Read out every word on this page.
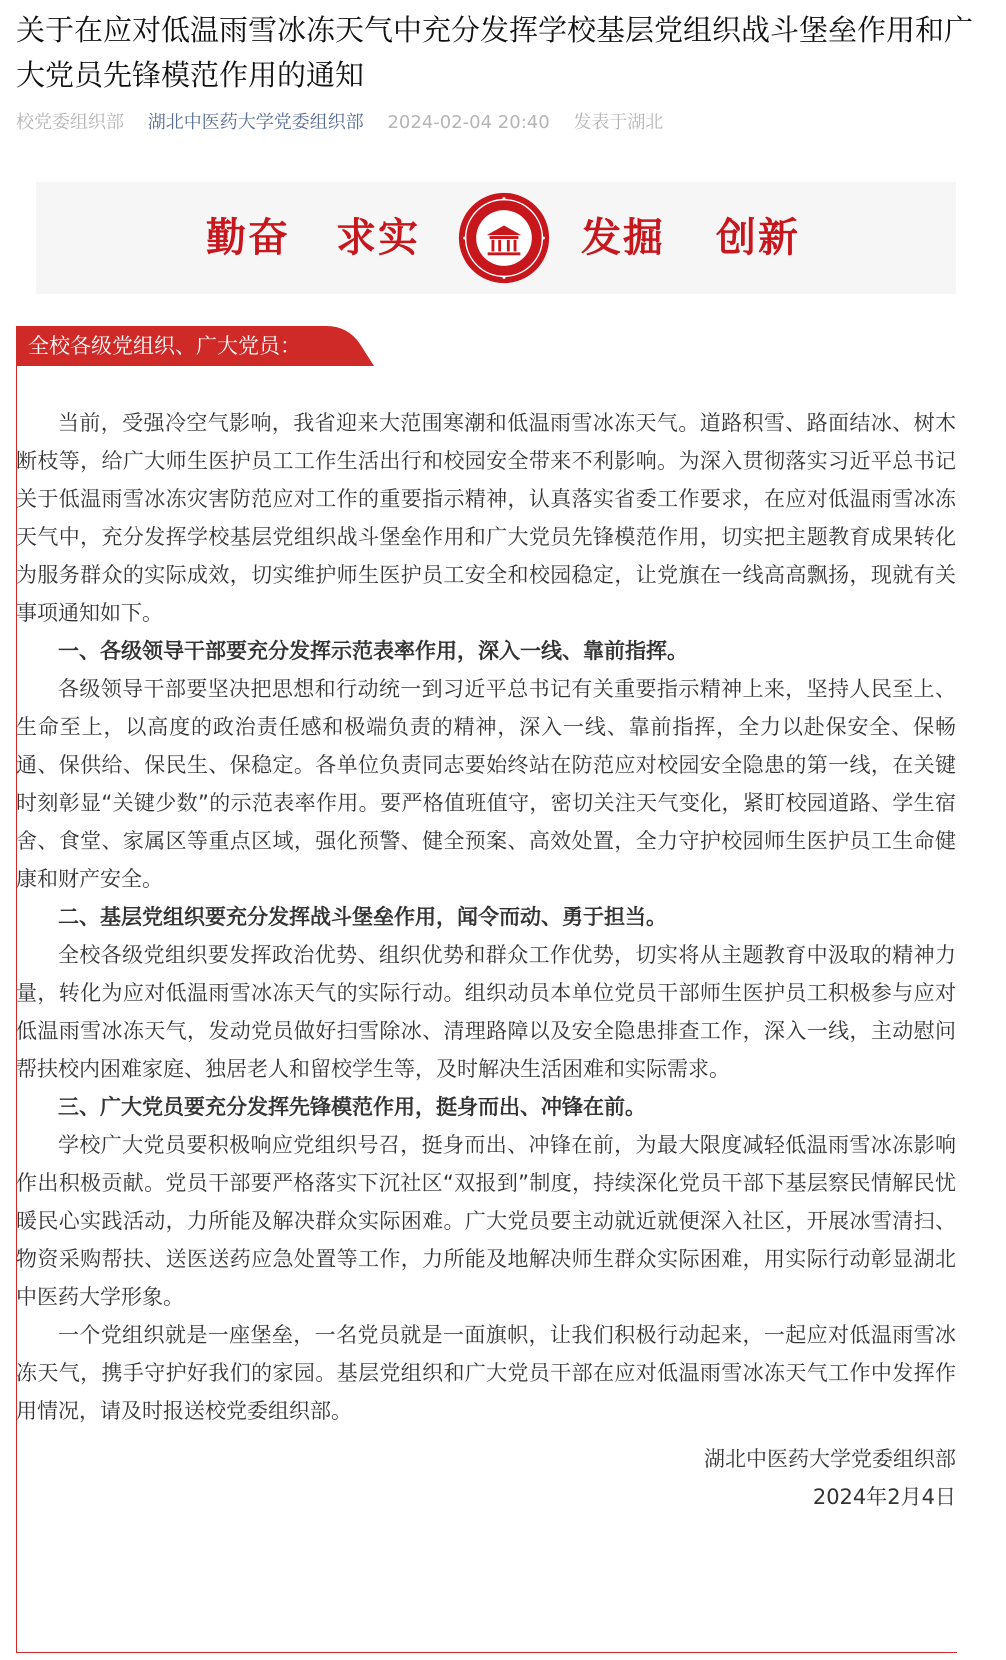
关于在应对低温雨雪冰冻天气中充分发挥学校基层党组织战斗堡垒作用和广大党员先锋模范作用的通知
校党委组织部 湖北中医药大学党委组织部 2024-02-04 20:40 发表于湖北
勤奋 求实	发掘 创新
全校各级党组织、广大党员：

当前，受强冷空气影响，我省迎来大范围寒潮和低温雨雪冰冻天气。道路积雪、路面结冰、树木断枝等，给广大师生医护员工工作生活出行和校园安全带来不利影响。为深入贯彻落实习近平总书记关于低温雨雪冰冻灾害防范应对工作的重要指示精神，认真落实省委工作要求，在应对低温雨雪冰冻天气中，充分发挥学校基层党组织战斗堡垒作用和广大党员先锋模范作用，切实把主题教育成果转化为服务群众的实际成效，切实维护师生医护员工安全和校园稳定，让党旗在一线高高飘扬，现就有关事项通知如下。

一、各级领导干部要充分发挥示范表率作用，深入一线、靠前指挥。

各级领导干部要坚决把思想和行动统一到习近平总书记有关重要指示精神上来，坚持人民至上、生命至上，以高度的政治责任感和极端负责的精神，深入一线、靠前指挥，全力以赴保安全、保畅通、保供给、保民生、保稳定。各单位负责同志要始终站在防范应对校园安全隐患的第一线，在关键时刻彰显“关键少数”的示范表率作用。要严格值班值守，密切关注天气变化，紧盯校园道路、学生宿舍、食堂、家属区等重点区域，强化预警、健全预案、高效处置，全力守护校园师生医护员工生命健康和财产安全。

二、基层党组织要充分发挥战斗堡垒作用，闻令而动、勇于担当。

全校各级党组织要发挥政治优势、组织优势和群众工作优势，切实将从主题教育中汲取的精神力量，转化为应对低温雨雪冰冻天气的实际行动。组织动员本单位党员干部师生医护员工积极参与应对低温雨雪冰冻天气，发动党员做好扫雪除冰、清理路障以及安全隐患排查工作，深入一线，主动慰问帮扶校内困难家庭、独居老人和留校学生等，及时解决生活困难和实际需求。

三、广大党员要充分发挥先锋模范作用，挺身而出、冲锋在前。

学校广大党员要积极响应党组织号召，挺身而出、冲锋在前，为最大限度减轻低温雨雪冰冻影响作出积极贡献。党员干部要严格落实下沉社区“双报到”制度，持续深化党员干部下基层察民情解民忧暖民心实践活动，力所能及解决群众实际困难。广大党员要主动就近就便深入社区，开展冰雪清扫、物资采购帮扶、送医送药应急处置等工作，力所能及地解决师生群众实际困难，用实际行动彰显湖北中医药大学形象。

一个党组织就是一座堡垒，一名党员就是一面旗帜，让我们积极行动起来，一起应对低温雨雪冰冻天气，携手守护好我们的家园。基层党组织和广大党员干部在应对低温雨雪冰冻天气工作中发挥作用情况，请及时报送校党委组织部。

湖北中医药大学党委组织部
2024年2月4日
